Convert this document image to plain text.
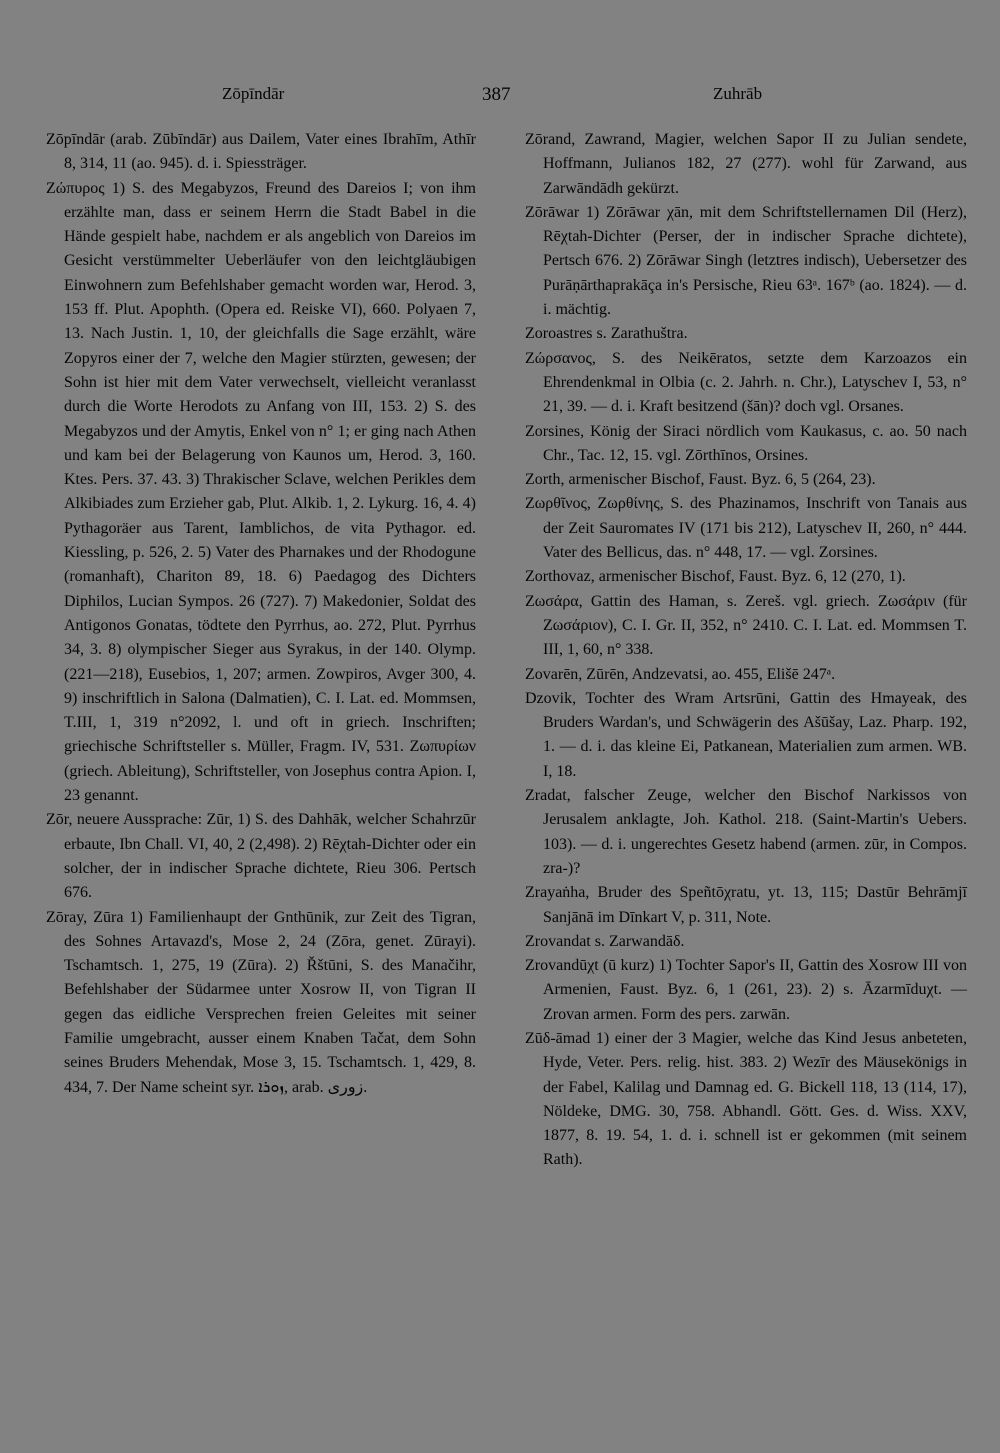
Zōpīndār	387	Zuhrāb

Zōpīndār (arab. Zūbīndār) aus Dailem, Vater eines Ibrahīm, Athīr 8, 314, 11 (ao. 945). d. i. Spiessträger.

Ζώπυρος 1) S. des Megabyzos, Freund des Dareios I; von ihm erzählte man, dass er seinem Herrn die Stadt Babel in die Hände gespielt habe, nachdem er als angeblich von Dareios im Gesicht verstümmelter Ueberläufer von den leichtgläubigen Einwohnern zum Befehlshaber gemacht worden war, Herod. 3, 153 ff. Plut. Apophth. (Opera ed. Reiske VI), 660. Polyaen 7, 13. Nach Justin. 1, 10, der gleichfalls die Sage erzählt, wäre Zopyros einer der 7, welche den Magier stürzten, gewesen; der Sohn ist hier mit dem Vater verwechselt, vielleicht veranlasst durch die Worte Herodots zu Anfang von III, 153. 2) S. des Megabyzos und der Amytis, Enkel von n° 1; er ging nach Athen und kam bei der Belagerung von Kaunos um, Herod. 3, 160. Ktes. Pers. 37. 43. 3) Thrakischer Sclave, welchen Perikles dem Alkibiades zum Erzieher gab, Plut. Alkib. 1, 2. Lykurg. 16, 4. 4) Pythagoräer aus Tarent, Iamblichos, de vita Pythagor. ed. Kiessling, p. 526, 2. 5) Vater des Pharnakes und der Rhodogune (romanhaft), Chariton 89, 18. 6) Paedagog des Dichters Diphilos, Lucian Sympos. 26 (727). 7) Makedonier, Soldat des Antigonos Gonatas, tödtete den Pyrrhus, ao. 272, Plut. Pyrrhus 34, 3. 8) olympischer Sieger aus Syrakus, in der 140. Olymp. (221—218), Eusebios, 1, 207; armen. Zowpiros, Avger 300, 4. 9) inschriftlich in Salona (Dalmatien), C. I. Lat. ed. Mommsen, T.III, 1, 319 n°2092, l. und oft in griech. Inschriften; griechische Schriftsteller s. Müller, Fragm. IV, 531. Ζωπυρίων (griech. Ableitung), Schriftsteller, von Josephus contra Apion. I, 23 genannt.

Zōr, neuere Aussprache: Zūr, 1) S. des Dahhāk, welcher Schahrzūr erbaute, Ibn Chall. VI, 40, 2 (2,498). 2) Rēχtah-Dichter oder ein solcher, der in indischer Sprache dichtete, Rieu 306. Pertsch 676.

Zōray, Zūra 1) Familienhaupt der Gnthūnik, zur Zeit des Tigran, des Sohnes Artavazd's, Mose 2, 24 (Zōra, genet. Zūrayi). Tschamtsch. 1, 275, 19 (Zūra). 2) Řštūni, S. des Manačihr, Befehlshaber der Südarmee unter Xosrow II, von Tigran II gegen das eidliche Versprechen freien Geleites mit seiner Familie umgebracht, ausser einem Knaben Tačat, dem Sohn seines Bruders Mehendak, Mose 3, 15. Tschamtsch. 1, 429, 8. 434, 7. Der Name scheint syr. ܙܘܪܐ, arab. زورى.

Zōrand, Zawrand, Magier, welchen Sapor II zu Julian sendete, Hoffmann, Julianos 182, 27 (277). wohl für Zarwand, aus Zarwāndādh gekürzt.

Zōrāwar 1) Zōrāwar χān, mit dem Schriftstellernamen Dil (Herz), Rēχtah-Dichter (Perser, der in indischer Sprache dichtete), Pertsch 676. 2) Zōrāwar Singh (letztres indisch), Uebersetzer des Purāṇārthaprakāça in's Persische, Rieu 63ᵃ. 167ᵇ (ao. 1824). — d. i. mächtig.

Zoroastres s. Zarathuštra.

Ζώρσανος, S. des Neikēratos, setzte dem Karzoazos ein Ehrendenkmal in Olbia (c. 2. Jahrh. n. Chr.), Latyschev I, 53, n° 21, 39. — d. i. Kraft besitzend (šān)? doch vgl. Orsanes.

Zorsines, König der Siraci nördlich vom Kaukasus, c. ao. 50 nach Chr., Tac. 12, 15. vgl. Zōrthīnos, Orsines.

Zorth, armenischer Bischof, Faust. Byz. 6, 5 (264, 23).

Ζωρθῖνος, Ζωρθίνης, S. des Phazinamos, Inschrift von Tanais aus der Zeit Sauromates IV (171 bis 212), Latyschev II, 260, n° 444. Vater des Bellicus, das. n° 448, 17. — vgl. Zorsines.

Zorthovaz, armenischer Bischof, Faust. Byz. 6, 12 (270, 1).

Ζωσάρα, Gattin des Haman, s. Zereš. vgl. griech. Ζωσάριν (für Ζωσάριον), C. I. Gr. II, 352, n° 2410. C. I. Lat. ed. Mommsen T. III, 1, 60, n° 338.

Zovarēn, Zūrēn, Andzevatsi, ao. 455, Elišē 247ᵃ.

Dzovik, Tochter des Wram Artsrūni, Gattin des Hmayeak, des Bruders Wardan's, und Schwägerin des Ašūšay, Laz. Pharp. 192, 1. — d. i. das kleine Ei, Patkanean, Materialien zum armen. WB. I, 18.

Zradat, falscher Zeuge, welcher den Bischof Narkissos von Jerusalem anklagte, Joh. Kathol. 218. (Saint-Martin's Uebers. 103). — d. i. ungerechtes Gesetz habend (armen. zūr, in Compos. zra-)?

Zrayaṅha, Bruder des Speñtōχratu, yt. 13, 115; Dastūr Behrāmjī Sanjānā im Dīnkart V, p. 311, Note.

Zrovandat s. Zarwandāδ.

Zrovandūχt (ū kurz) 1) Tochter Sapor's II, Gattin des Xosrow III von Armenien, Faust. Byz. 6, 1 (261, 23). 2) s. Āzarmīduχt. — Zrovan armen. Form des pers. zarwān.

Zūδ-āmad 1) einer der 3 Magier, welche das Kind Jesus anbeteten, Hyde, Veter. Pers. relig. hist. 383. 2) Wezīr des Mäusekönigs in der Fabel, Kalilag und Damnag ed. G. Bickell 118, 13 (114, 17), Nöldeke, DMG. 30, 758. Abhandl. Gött. Ges. d. Wiss. XXV, 1877, 8. 19. 54, 1. d. i. schnell ist er gekommen (mit seinem Rath).
